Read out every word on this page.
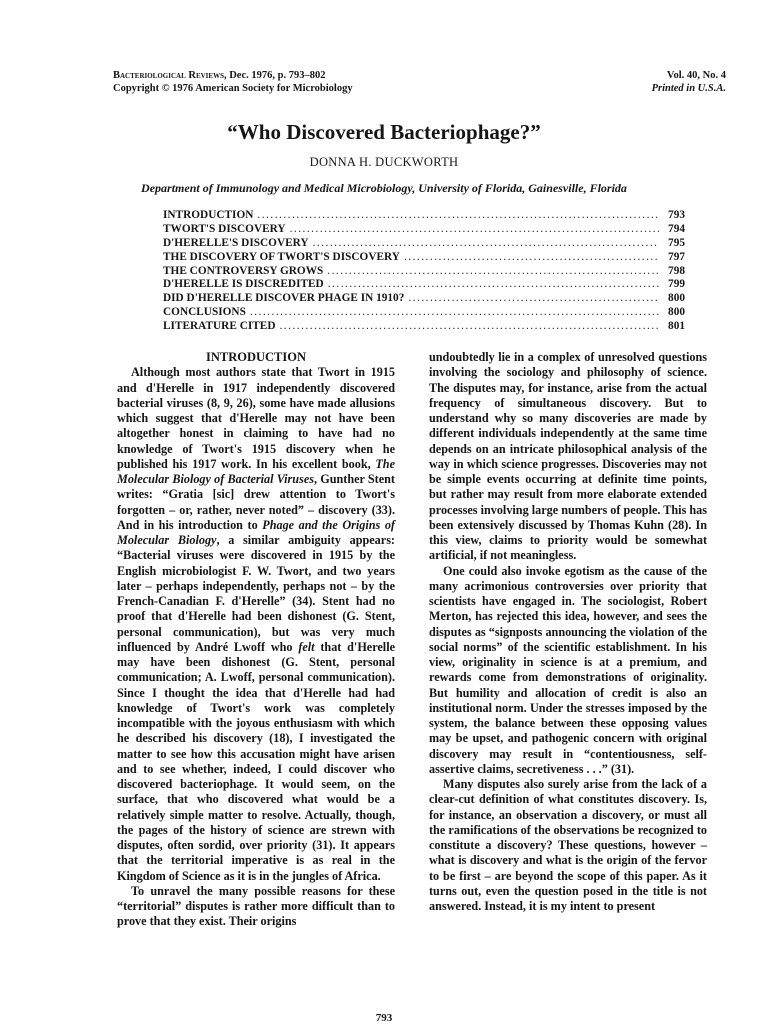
Bacteriological Reviews, Dec. 1976, p. 793–802
Copyright © 1976 American Society for Microbiology
Vol. 40, No. 4
Printed in U.S.A.
“Who Discovered Bacteriophage?”
DONNA H. DUCKWORTH
Department of Immunology and Medical Microbiology, University of Florida, Gainesville, Florida
INTRODUCTION .....	793
TWORT'S DISCOVERY .....	794
D'HERELLE'S DISCOVERY .....	795
THE DISCOVERY OF TWORT'S DISCOVERY .....	797
THE CONTROVERSY GROWS .....	798
D'HERELLE IS DISCREDITED .....	799
DID D'HERELLE DISCOVER PHAGE IN 1910? .....	800
CONCLUSIONS .....	800
LITERATURE CITED .....	801
INTRODUCTION

Although most authors state that Twort in 1915 and d'Herelle in 1917 independently discovered bacterial viruses (8, 9, 26), some have made allusions which suggest that d'Herelle may not have been altogether honest in claiming to have had no knowledge of Twort's 1915 discovery when he published his 1917 work. In his excellent book, The Molecular Biology of Bacterial Viruses, Gunther Stent writes: “Gratia [sic] drew attention to Twort's forgotten – or, rather, never noted” – discovery (33). And in his introduction to Phage and the Origins of Molecular Biology, a similar ambiguity appears: “Bacterial viruses were discovered in 1915 by the English microbiologist F. W. Twort, and two years later – perhaps independently, perhaps not – by the French-Canadian F. d'Herelle” (34). Stent had no proof that d'Herelle had been dishonest (G. Stent, personal communication), but was very much influenced by André Lwoff who felt that d'Herelle may have been dishonest (G. Stent, personal communication; A. Lwoff, personal communication). Since I thought the idea that d'Herelle had had knowledge of Twort's work was completely incompatible with the joyous enthusiasm with which he described his discovery (18), I investigated the matter to see how this accusation might have arisen and to see whether, indeed, I could discover who discovered bacteriophage. It would seem, on the surface, that who discovered what would be a relatively simple matter to resolve. Actually, though, the pages of the history of science are strewn with disputes, often sordid, over priority (31). It appears that the territorial imperative is as real in the Kingdom of Science as it is in the jungles of Africa.

To unravel the many possible reasons for these “territorial” disputes is rather more difficult than to prove that they exist. Their origins

undoubtedly lie in a complex of unresolved questions involving the sociology and philosophy of science. The disputes may, for instance, arise from the actual frequency of simultaneous discovery. But to understand why so many discoveries are made by different individuals independently at the same time depends on an intricate philosophical analysis of the way in which science progresses. Discoveries may not be simple events occurring at definite time points, but rather may result from more elaborate extended processes involving large numbers of people. This has been extensively discussed by Thomas Kuhn (28). In this view, claims to priority would be somewhat artificial, if not meaningless.

One could also invoke egotism as the cause of the many acrimonious controversies over priority that scientists have engaged in. The sociologist, Robert Merton, has rejected this idea, however, and sees the disputes as “signposts announcing the violation of the social norms” of the scientific establishment. In his view, originality in science is at a premium, and rewards come from demonstrations of originality. But humility and allocation of credit is also an institutional norm. Under the stresses imposed by the system, the balance between these opposing values may be upset, and pathogenic concern with original discovery may result in “contentiousness, self-assertive claims, secretiveness . . .” (31).

Many disputes also surely arise from the lack of a clear-cut definition of what constitutes discovery. Is, for instance, an observation a discovery, or must all the ramifications of the observations be recognized to constitute a discovery? These questions, however – what is discovery and what is the origin of the fervor to be first – are beyond the scope of this paper. As it turns out, even the question posed in the title is not answered. Instead, it is my intent to present

793
